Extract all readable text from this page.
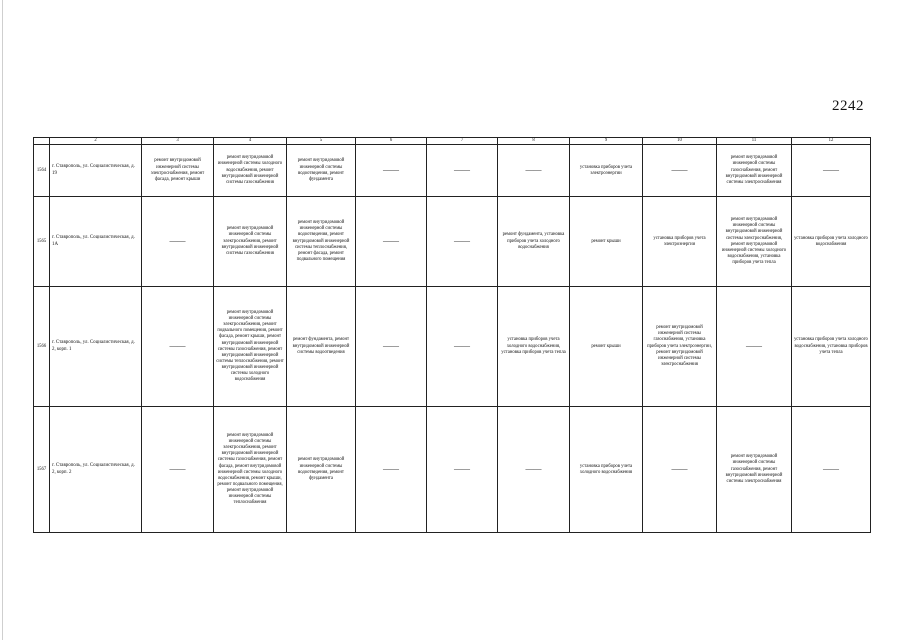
2242
	2	3	4	5	6	7	8	9	10	11	12
1564	г. Ставрополь, ул. Социалистическая, д. 19	ремонт внутридомовой инженерной системы электроснабжения, ремонт фасада, ремонт крыши	ремонт внутридомовой инженерной системы холодного водоснабжения, ремонт внутридомовой инженерной системы газоснабжения	ремонт внутридомовой инженерной системы водоотведения, ремонт фундамента	——	——	——	установка приборов учета электроэнергии	——	ремонт внутридомовой инженерной системы газоснабжения, ремонт внутридомовой инженерной системы электроснабжения	——
1565	г. Ставрополь, ул. Социалистическая, д. 1А	——	ремонт внутридомовой инженерной системы электроснабжения, ремонт внутридомовой инженерной системы газоснабжения	ремонт внутридомовой инженерной системы водоотведения, ремонт внутридомовой инженерной системы теплоснабжения, ремонт фасада, ремонт подвального помещения	——	——	ремонт фундамента, установка приборов учета холодного водоснабжения	ремонт крыши	установка приборов учета электроэнергии	ремонт внутридомовой инженерной системы внутридомовой инженерной системы электроснабжения, ремонт внутридомовой инженерной системы холодного водоснабжения, установка приборов учета тепла	установка приборов учета холодного водоснабжения
1566	г. Ставрополь, ул. Социалистическая, д. 2, корп. 1	——	ремонт внутридомовой инженерной системы электроснабжения, ремонт подвального помещения, ремонт фасада, ремонт крыши, ремонт внутридомовой инженерной системы газоснабжения, ремонт внутридомовой инженерной системы теплоснабжения, ремонт внутридомовой инженерной системы холодного водоснабжения	ремонт фундамента, ремонт внутридомовой инженерной системы водоотведения	——	——	установка приборов учета холодного водоснабжения, установка приборов учета тепла	ремонт крыши	ремонт внутридомовой инженерной системы газоснабжения, установка приборов учета электроэнергии, ремонт внутридомовой инженерной системы электроснабжения	——	установка приборов учета холодного водоснабжения, установка приборов учета тепла
1567	г. Ставрополь, ул. Социалистическая, д. 2, корп. 2	——	ремонт внутридомовой инженерной системы электроснабжения, ремонт внутридомовой инженерной системы газоснабжения, ремонт фасада, ремонт внутридомовой инженерной системы холодного водоснабжения, ремонт крыши, ремонт подвального помещения, ремонт внутридомовой инженерной системы теплоснабжения	ремонт внутридомовой инженерной системы водоотведения, ремонт фундамента	——	——	——	установка приборов учета холодного водоснабжения	——	ремонт внутридомовой инженерной системы газоснабжения, ремонт внутридомовой инженерной системы электроснабжения	——
